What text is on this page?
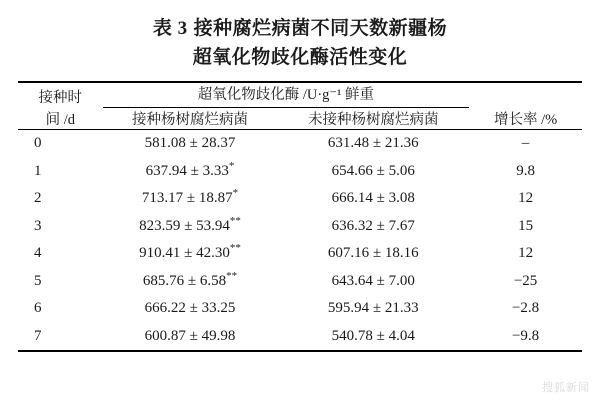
表 3 接种腐烂病菌不同天数新疆杨
超氧化物歧化酶活性变化

接种时	超氧化物歧化酶 /U·g⁻¹ 鲜重		
间 /d	接种杨树腐烂病菌	未接种杨树腐烂病菌	增长率 /%

0	581.08 ± 28.37	631.48 ± 21.36	–
1	637.94 ± 3.33*	654.66 ± 5.06	9.8
2	713.17 ± 18.87*	666.14 ± 3.08	12
3	823.59 ± 53.94**	636.32 ± 7.67	15
4	910.41 ± 42.30**	607.16 ± 18.16	12
5	685.76 ± 6.58**	643.64 ± 7.00	−25
6	666.22 ± 33.25	595.94 ± 21.33	−2.8
7	600.87 ± 49.98	540.78 ± 4.04	−9.8

搜狐新闻
